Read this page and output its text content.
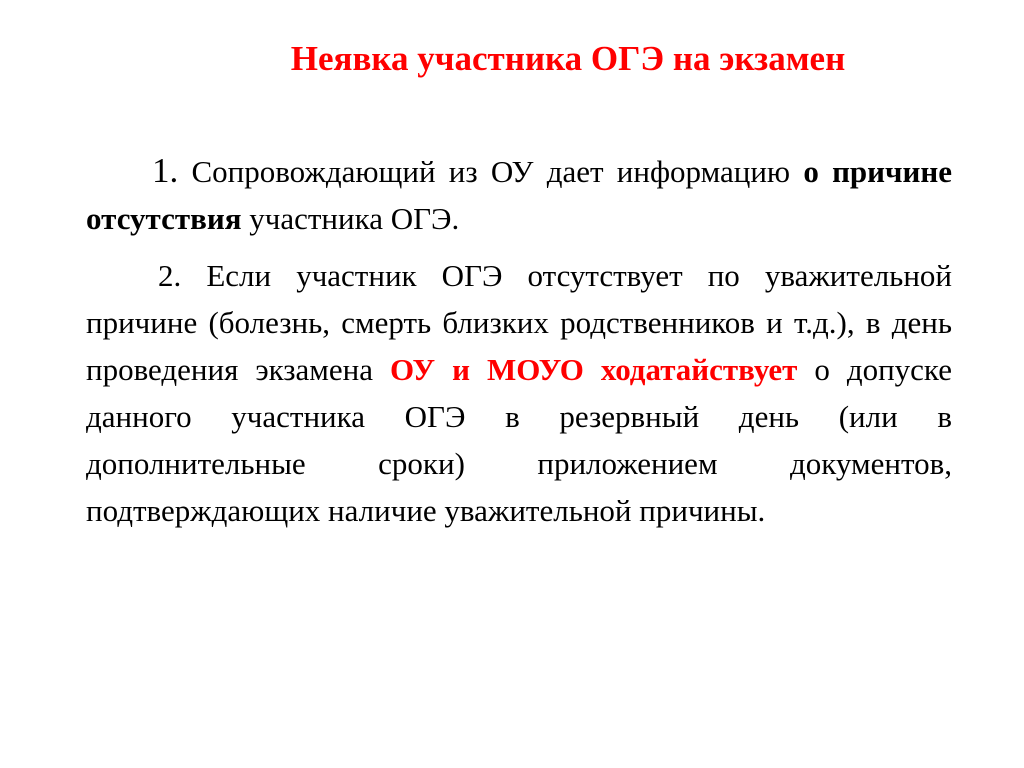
Неявка участника ОГЭ на экзамен
1. Сопровождающий из ОУ дает информацию о причине отсутствия участника ОГЭ.
2. Если участник ОГЭ отсутствует по уважительной причине (болезнь, смерть близких родственников и т.д.), в день проведения экзамена ОУ и МОУО ходатайствует о допуске данного участника ОГЭ в резервный день (или в дополнительные сроки) приложением документов, подтверждающих наличие уважительной причины.
